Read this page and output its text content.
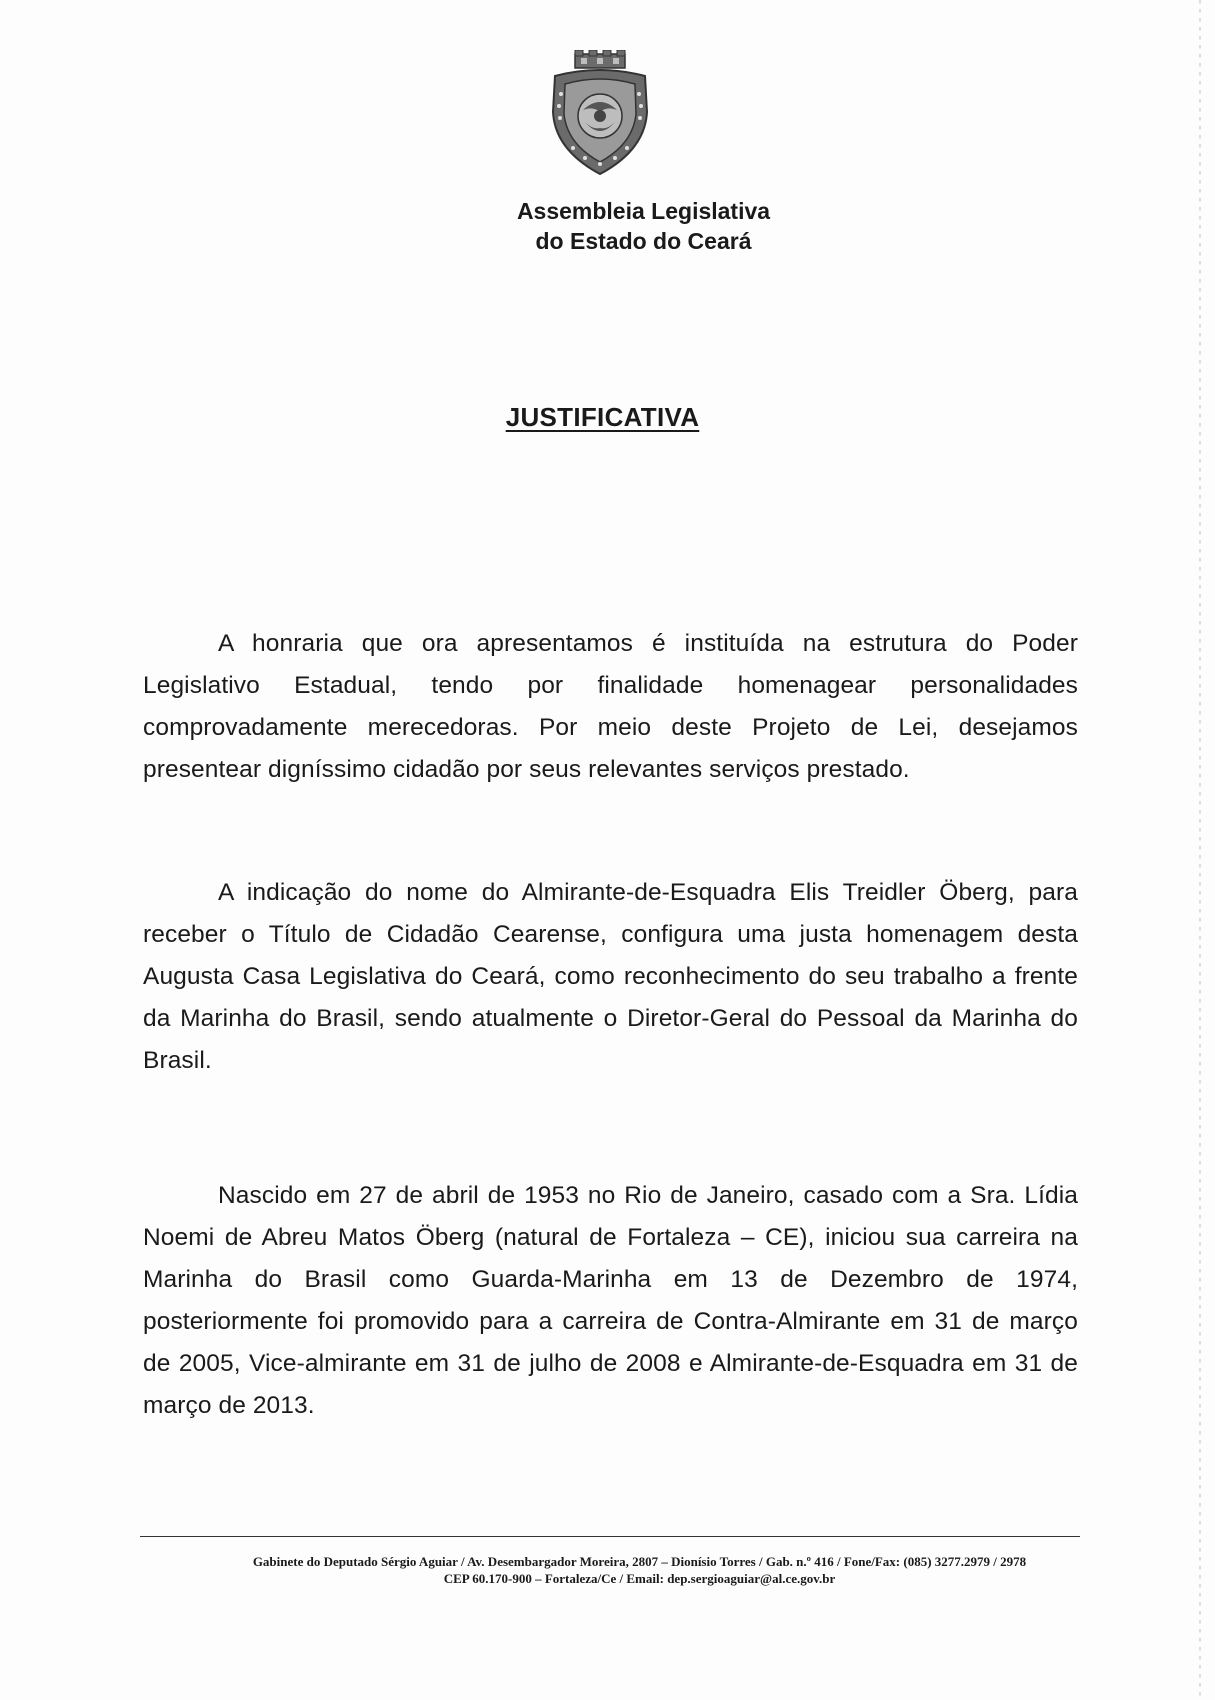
Assembleia Legislativa
do Estado do Ceará
JUSTIFICATIVA

A honraria que ora apresentamos é instituída na estrutura do Poder Legislativo Estadual, tendo por finalidade homenagear personalidades comprovadamente merecedoras. Por meio deste Projeto de Lei, desejamos presentear digníssimo cidadão por seus relevantes serviços prestado.

A indicação do nome do Almirante-de-Esquadra Elis Treidler Öberg, para receber o Título de Cidadão Cearense, configura uma justa homenagem desta Augusta Casa Legislativa do Ceará, como reconhecimento do seu trabalho a frente da Marinha do Brasil, sendo atualmente o Diretor-Geral do Pessoal da Marinha do Brasil.

Nascido em 27 de abril de 1953 no Rio de Janeiro, casado com a Sra. Lídia Noemi de Abreu Matos Öberg (natural de Fortaleza – CE), iniciou sua carreira na Marinha do Brasil como Guarda-Marinha em 13 de Dezembro de 1974, posteriormente foi promovido para a carreira de Contra-Almirante em 31 de março de 2005, Vice-almirante em 31 de julho de 2008 e Almirante-de-Esquadra em 31 de março de 2013.

Gabinete do Deputado Sérgio Aguiar / Av. Desembargador Moreira, 2807 – Dionísio Torres / Gab. n.º 416 / Fone/Fax: (085) 3277.2979 / 2978
CEP 60.170-900 – Fortaleza/Ce / Email: dep.sergioaguiar@al.ce.gov.br
